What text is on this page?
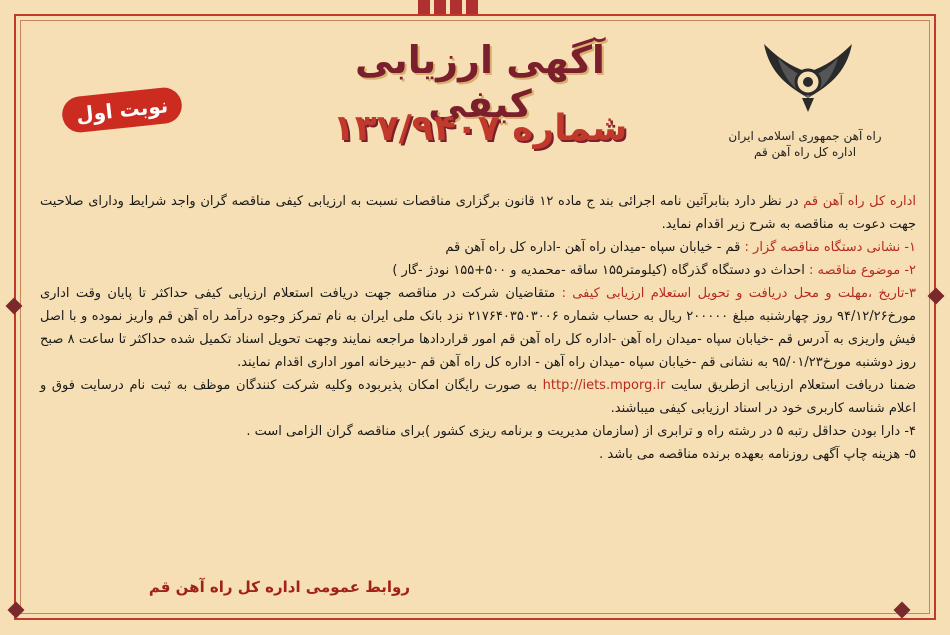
راه آهن جمهوری اسلامی ایران
اداره کل راه آهن قم
آگهی ارزیابی کیفی
شماره ۱۳۷/۹۴۰۷
نوبت اول

اداره کل راه آهن قم در نظر دارد بنابرآئین نامه اجرائی بند ج ماده ۱۲ قانون برگزاری مناقصات نسبت به ارزیابی کیفی مناقصه گران واجد شرایط ودارای صلاحیت جهت دعوت به مناقصه به شرح زیر اقدام نماید.

۱- نشانی دستگاه مناقصه گزار : قم - خیابان سپاه -میدان راه آهن -اداره کل راه آهن قم

۲- موضوع مناقصه : احداث دو دستگاه گذرگاه (کیلومتر۱۵۵ ساقه -محمدیه و ۵۰۰+۱۵۵ نودژ -گار )

۳-تاریخ ،مهلت و محل دریافت و تحویل استعلام ارزیابی کیفی : متقاضیان شرکت در مناقصه جهت دریافت استعلام ارزیابی کیفی حداکثر تا پایان وقت اداری مورخ۹۴/۱۲/۲۶ روز چهارشنبه مبلغ ۲۰۰۰۰۰ ریال به حساب شماره ۲۱۷۶۴۰۳۵۰۳۰۰۶ نزد بانک ملی ایران به نام تمرکز وجوه درآمد راه آهن قم واریز نموده و با اصل فیش واریزی به آدرس قم -خیابان سپاه -میدان راه آهن -اداره کل راه آهن قم امور قراردادها مراجعه نمایند وجهت تحویل اسناد تکمیل شده حداکثر تا ساعت ۸ صبح روز دوشنبه مورخ۹۵/۰۱/۲۳ به نشانی قم -خیابان سپاه -میدان راه آهن - اداره کل راه آهن قم -دبیرخانه امور اداری اقدام نمایند.

ضمنا دریافت استعلام ارزیابی ازطریق سایت http://iets.mporg.ir به صورت رایگان امکان پذیربوده وکلیه شرکت کنندگان موظف به ثبت نام درسایت فوق و اعلام شناسه کاربری خود در اسناد ارزیابی کیفی میباشند.

۴- دارا بودن حداقل رتبه ۵ در رشته راه و ترابری از (سازمان مدیریت و برنامه ریزی کشور )برای مناقصه گران الزامی است .

۵- هزینه چاپ آگهی روزنامه بعهده برنده مناقصه می باشد .

روابط عمومی اداره کل راه آهن قم
